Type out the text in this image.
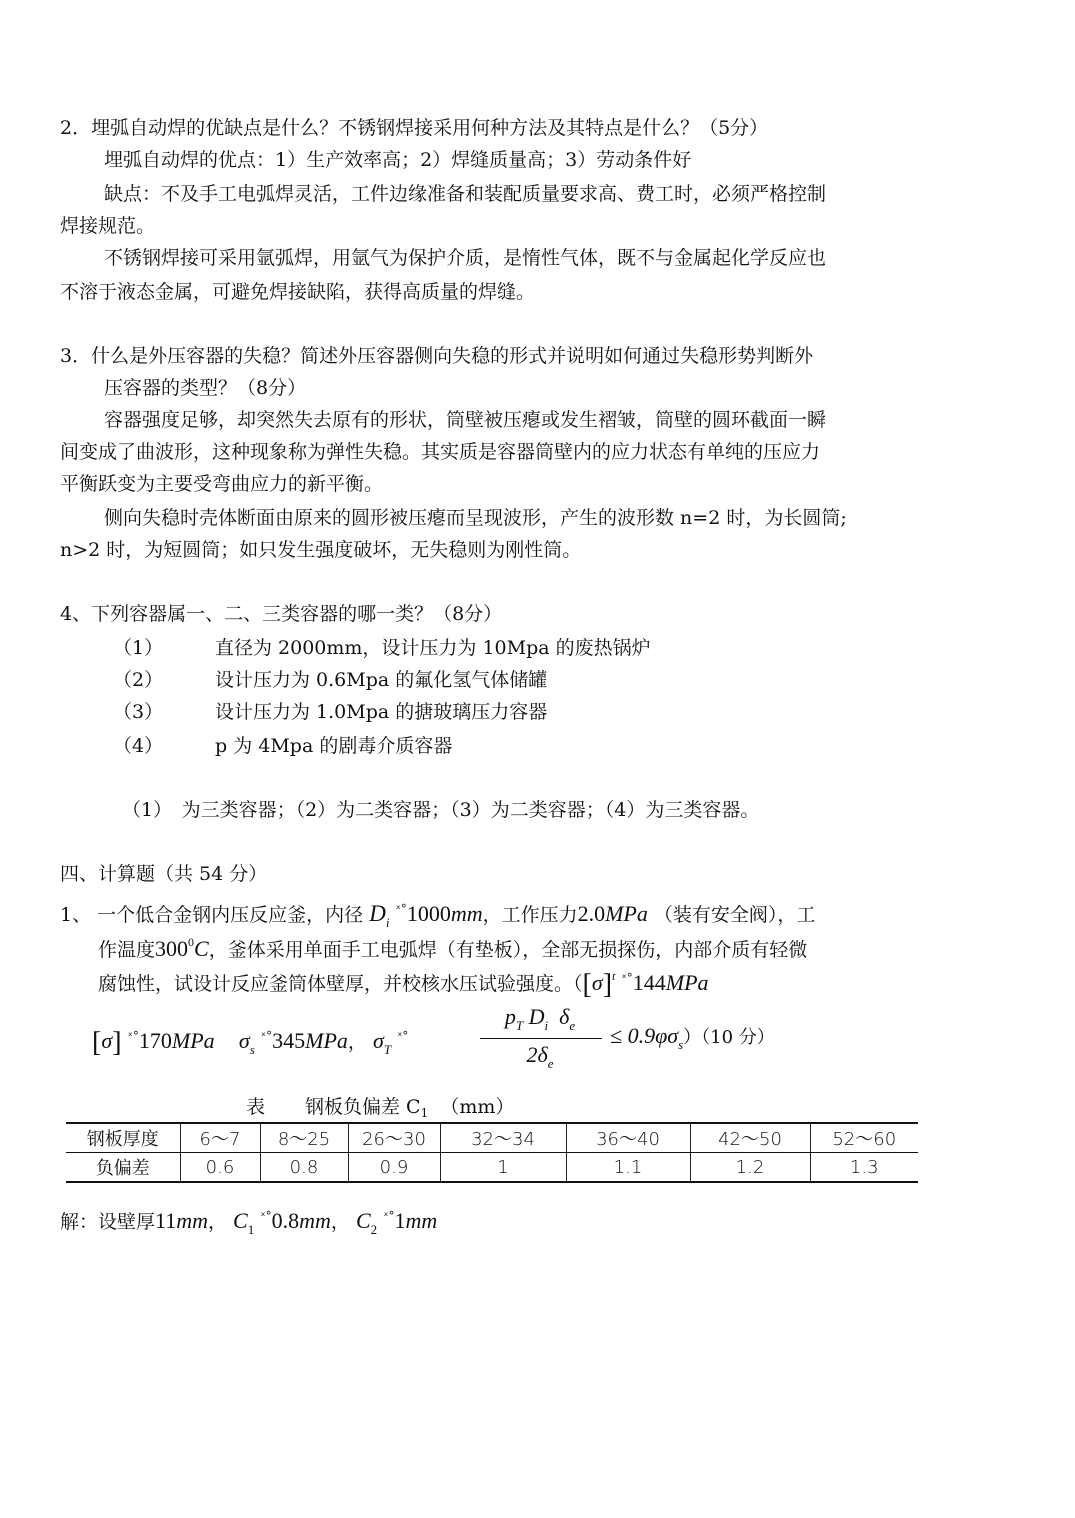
2．埋弧自动焊的优缺点是什么？不锈钢焊接采用何种方法及其特点是什么？（5分）
埋弧自动焊的优点：1）生产效率高；2）焊缝质量高；3）劳动条件好
缺点：不及手工电弧焊灵活，工件边缘准备和装配质量要求高、费工时，必须严格控制
焊接规范。
不锈钢焊接可采用氩弧焊，用氩气为保护介质，是惰性气体，既不与金属起化学反应也
不溶于液态金属，可避免焊接缺陷，获得高质量的焊缝。
3．什么是外压容器的失稳？简述外压容器侧向失稳的形式并说明如何通过失稳形势判断外
压容器的类型？（8分）
容器强度足够，却突然失去原有的形状，筒壁被压瘪或发生褶皱，筒壁的圆环截面一瞬
间变成了曲波形，这种现象称为弹性失稳。其实质是容器筒壁内的应力状态有单纯的压应力
平衡跃变为主要受弯曲应力的新平衡。
侧向失稳时壳体断面由原来的圆形被压瘪而呈现波形，产生的波形数 n=2 时，为长圆筒;
n>2 时，为短圆筒；如只发生强度破坏，无失稳则为刚性筒。
4、下列容器属一、二、三类容器的哪一类？（8分）
（1）	直径为 2000mm，设计压力为 10Mpa 的废热锅炉
（2）	设计压力为 0.6Mpa 的氟化氢气体储罐
（3）	设计压力为 1.0Mpa 的搪玻璃压力容器
（4）	p 为 4Mpa 的剧毒介质容器
（1）　为三类容器；（2）为二类容器；（3）为二类容器；（4）为三类容器。
四、计算题（共 54 分）
1、 一个低合金钢内压反应釜，内径 $D_i$ $^{ˣ^\circ}$1000mm，工作压力2.0MPa （装有安全阀），工
作温度$300^0C$，釜体采用单面手工电弧焊（有垫板），全部无损探伤，内部介质有轻微
腐蚀性，试设计反应釜筒体壁厚，并校核水压试验强度。（$[\sigma]^t$ $^{ˣ^\circ}$144MPa
[σ] $^{ˣ^\circ}$170MPa $\sigma_s$ $^{ˣ^\circ}$345MPa， $\sigma_T$ $^{ˣ^\circ}$
$p_T$ $D_i$ $\delta_e$
$2\delta_e$
≤ $0.9\varphi\sigma_s)(10$ 分）
表 钢板负偏差 $C_1$ （mm）
钢板厚度	6～7	8～25	26～30	32～34	36～40	42～50	52～60
负偏差	0.6	0.8	0.9	1	1.1	1.2	1.3
解：设壁厚11mm， $C_1$ $^{ˣ^\circ}$0.8mm， $C_2$ $^{ˣ^\circ}$1mm
